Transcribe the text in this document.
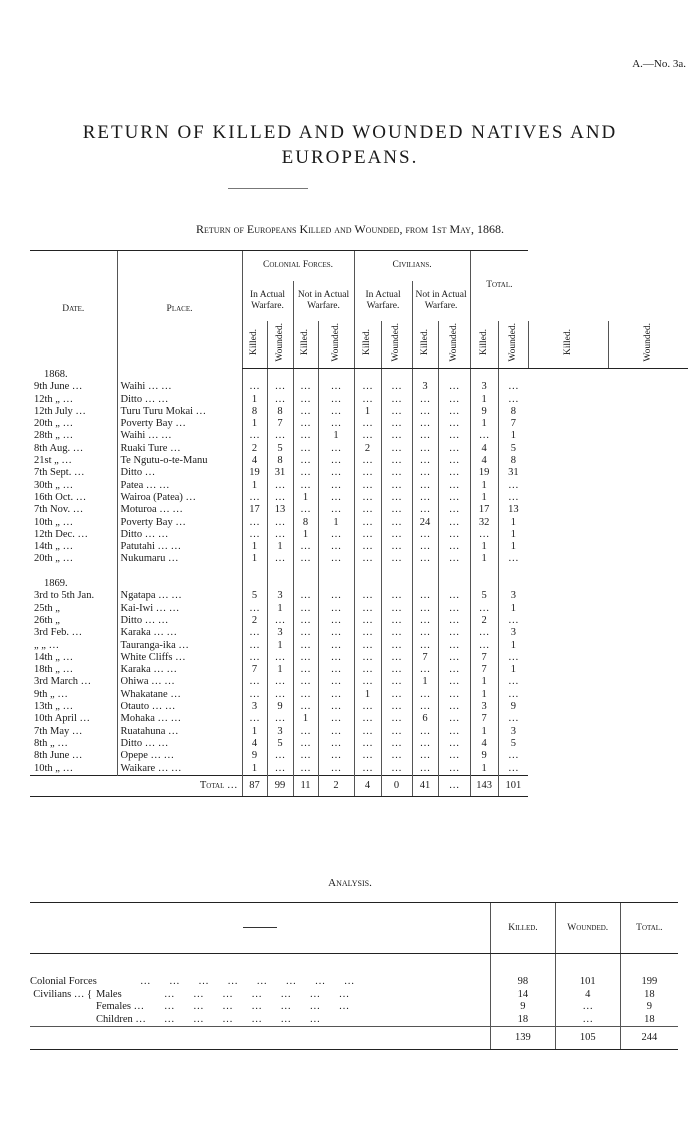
A.—No. 3a.
RETURN OF KILLED AND WOUNDED NATIVES AND
EUROPEANS.
Return of Europeans Killed and Wounded, from 1st May, 1868.
Date.	Place.	Colonial Forces.				Civilians.				Total.			
		In Actual Warfare.		Not in Actual Warfare.		In Actual Warfare.		Not in Actual Warfare.					
		Killed.	Wounded.	Killed.	Wounded.	Killed.	Wounded.	Killed.	Wounded.	Killed.	Wounded.	Killed.	Wounded.
1868.													
9th June …	Waihi … …	…	…	…	…	…	…	3	…	3	…		
12th „ …	Ditto … …	1	…	…	…	…	…	…	…	1	…		
12th July …	Turu Turu Mokai …	8	8	…	…	1	…	…	…	9	8		
20th „ …	Poverty Bay …	1	7	…	…	…	…	…	…	1	7		
28th „ …	Waihi … …	…	…	…	1	…	…	…	…	…	1		
8th Aug. …	Ruaki Ture …	2	5	…	…	2	…	…	…	4	5		
21st „ …	Te Ngutu-o-te-Manu	4	8	…	…	…	…	…	…	4	8		
7th Sept. …	Ditto …	19	31	…	…	…	…	…	…	19	31		
30th „ …	Patea … …	1	…	…	…	…	…	…	…	1	…		
16th Oct. …	Wairoa (Patea) …	…	…	1	…	…	…	…	…	1	…		
7th Nov. …	Moturoa … …	17	13	…	…	…	…	…	…	17	13		
10th „ …	Poverty Bay …	…	…	8	1	…	…	24	…	32	1		
12th Dec. …	Ditto … …	…	…	1	…	…	…	…	…	…	1		
14th „ …	Patutahi … …	1	1	…	…	…	…	…	…	1	1		
20th „ …	Nukumaru …	1	…	…	…	…	…	…	…	1	…		

1869.													
3rd to 5th Jan.	Ngatapa … …	5	3	…	…	…	…	…	…	5	3		
25th „	Kai-Iwi … …	…	1	…	…	…	…	…	…	…	1		
26th „	Ditto … …	2	…	…	…	…	…	…	…	2	…		
3rd Feb. …	Karaka … …	…	3	…	…	…	…	…	…	…	3		
„ „ …	Tauranga-ika …	…	1	…	…	…	…	…	…	…	1		
14th „ …	White Cliffs …	…	…	…	…	…	…	7	…	7	…		
18th „ …	Karaka … …	7	1	…	…	…	…	…	…	7	1		
3rd March …	Ohiwa … …	…	…	…	…	…	…	1	…	1	…		
9th „ …	Whakatane …	…	…	…	…	1	…	…	…	1	…		
13th „ …	Otauto … …	3	9	…	…	…	…	…	…	3	9		
10th April …	Mohaka … …	…	…	1	…	…	…	6	…	7	…		
7th May …	Ruatahuna …	1	3	…	…	…	…	…	…	1	3		
8th „ …	Ditto … …	4	5	…	…	…	…	…	…	4	5		
8th June …	Opepe … …	9	…	…	…	…	…	…	…	9	…		
10th „ …	Waikare … …	1	…	…	…	…	…	…	…	1	…		
	Total …	87	99	11	2	4	0	41	…	143	101		
Analysis.
	Killed.	Wounded.	Total.
Colonial Forces … … … … … … … …	98	101	199
Civilians … { Males … … … … … … …	14	4	18
Females … … … … … … … …	9	…	9
Children … … … … … … …	18	…	18
	139	105	244
